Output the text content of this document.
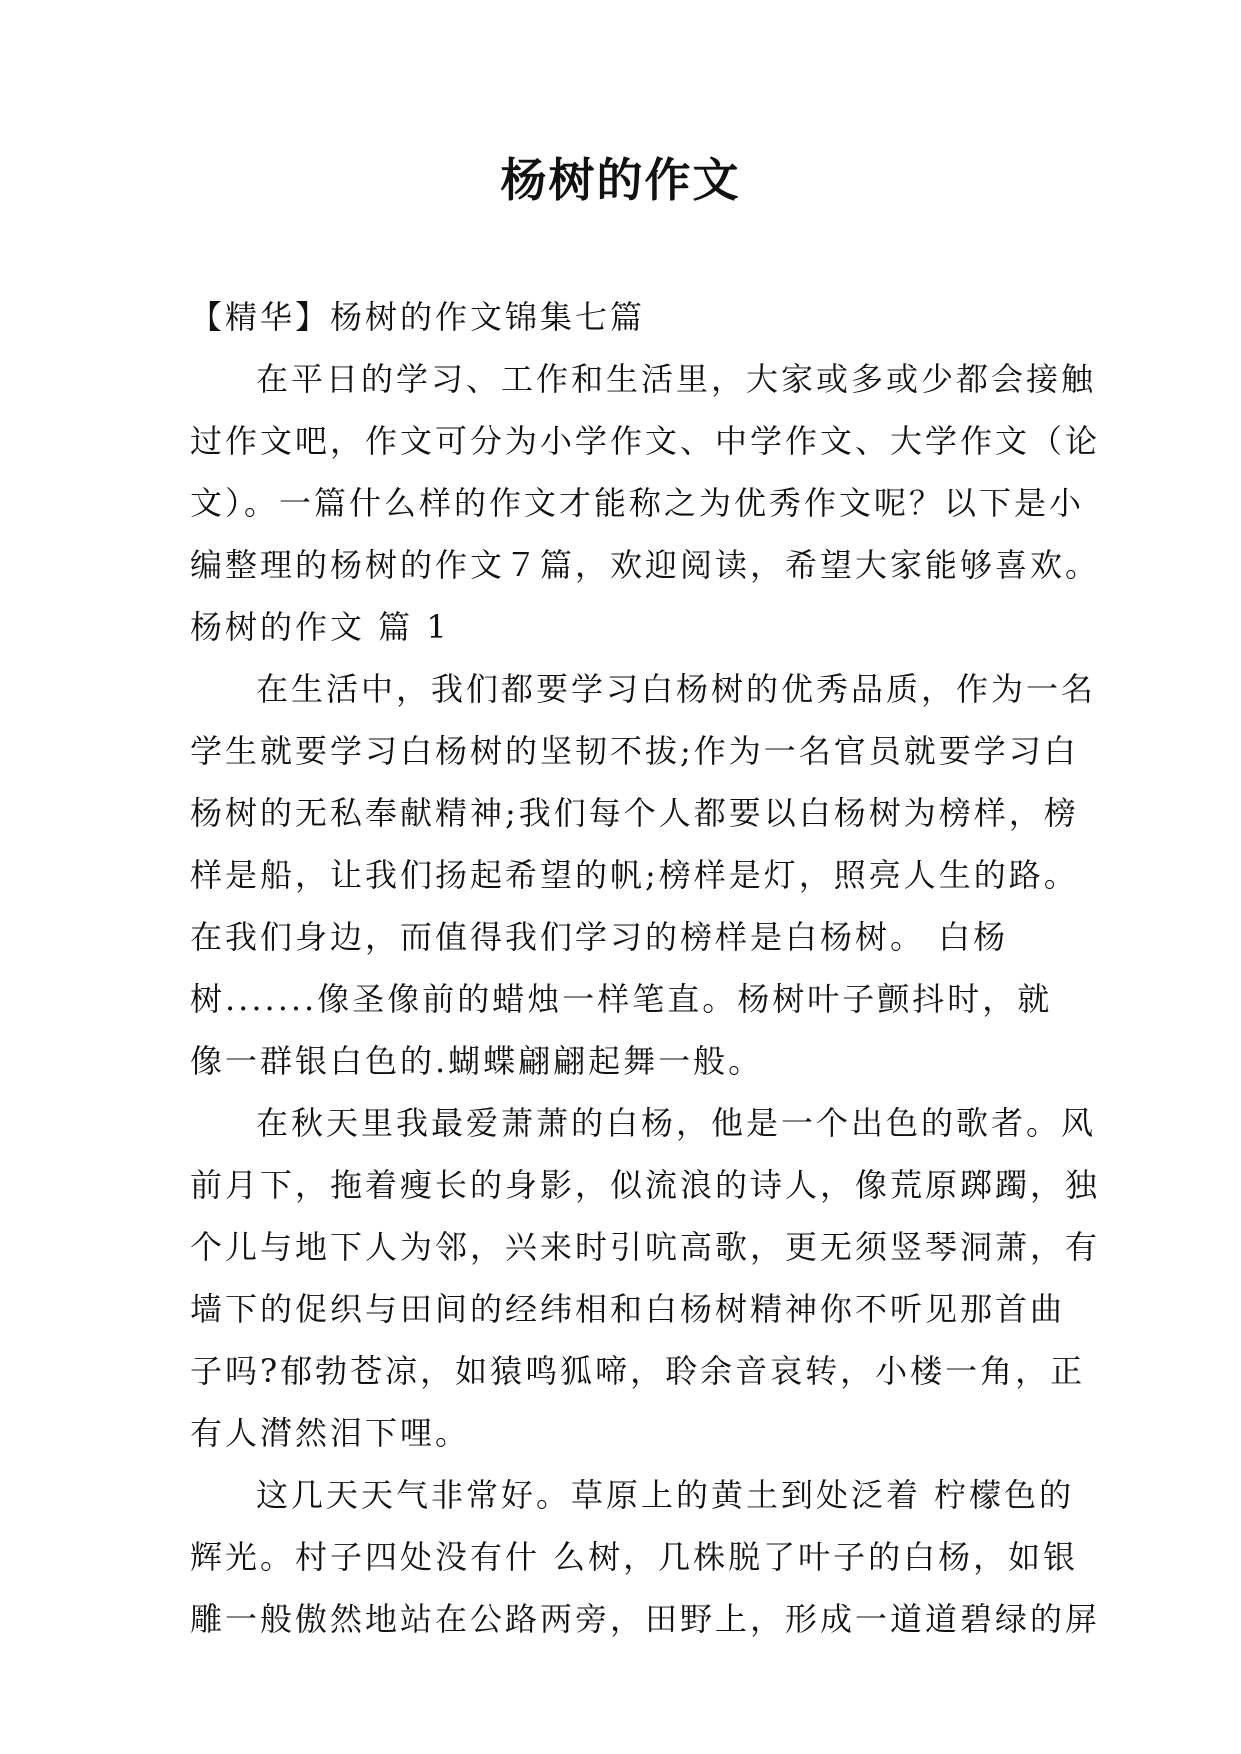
杨树的作文
【精华】杨树的作文锦集七篇
在平日的学习、工作和生活里，大家或多或少都会接触
过作文吧，作文可分为小学作文、中学作文、大学作文（论
文）。一篇什么样的作文才能称之为优秀作文呢？以下是小
编整理的杨树的作文７篇，欢迎阅读，希望大家能够喜欢。
杨树的作文 篇 1
在生活中，我们都要学习白杨树的优秀品质，作为一名
学生就要学习白杨树的坚韧不拔;作为一名官员就要学习白
杨树的无私奉献精神;我们每个人都要以白杨树为榜样，榜
样是船，让我们扬起希望的帆;榜样是灯，照亮人生的路。
在我们身边，而值得我们学习的榜样是白杨树。 白杨
树.......像圣像前的蜡烛一样笔直。杨树叶子颤抖时，就
像一群银白色的.蝴蝶翩翩起舞一般。
在秋天里我最爱萧萧的白杨，他是一个出色的歌者。风
前月下，拖着瘦长的身影，似流浪的诗人，像荒原踯躅，独
个儿与地下人为邻，兴来时引吭高歌，更无须竖琴洞萧，有
墙下的促织与田间的经纬相和白杨树精神你不听见那首曲
子吗?郁勃苍凉，如猿鸣狐啼，聆余音哀转，小楼一角，正
有人潸然泪下哩。
这几天天气非常好。草原上的黄土到处泛着 柠檬色的
辉光。村子四处没有什 么树，几株脱了叶子的白杨，如银
雕一般傲然地站在公路两旁，田野上，形成一道道碧绿的屏
